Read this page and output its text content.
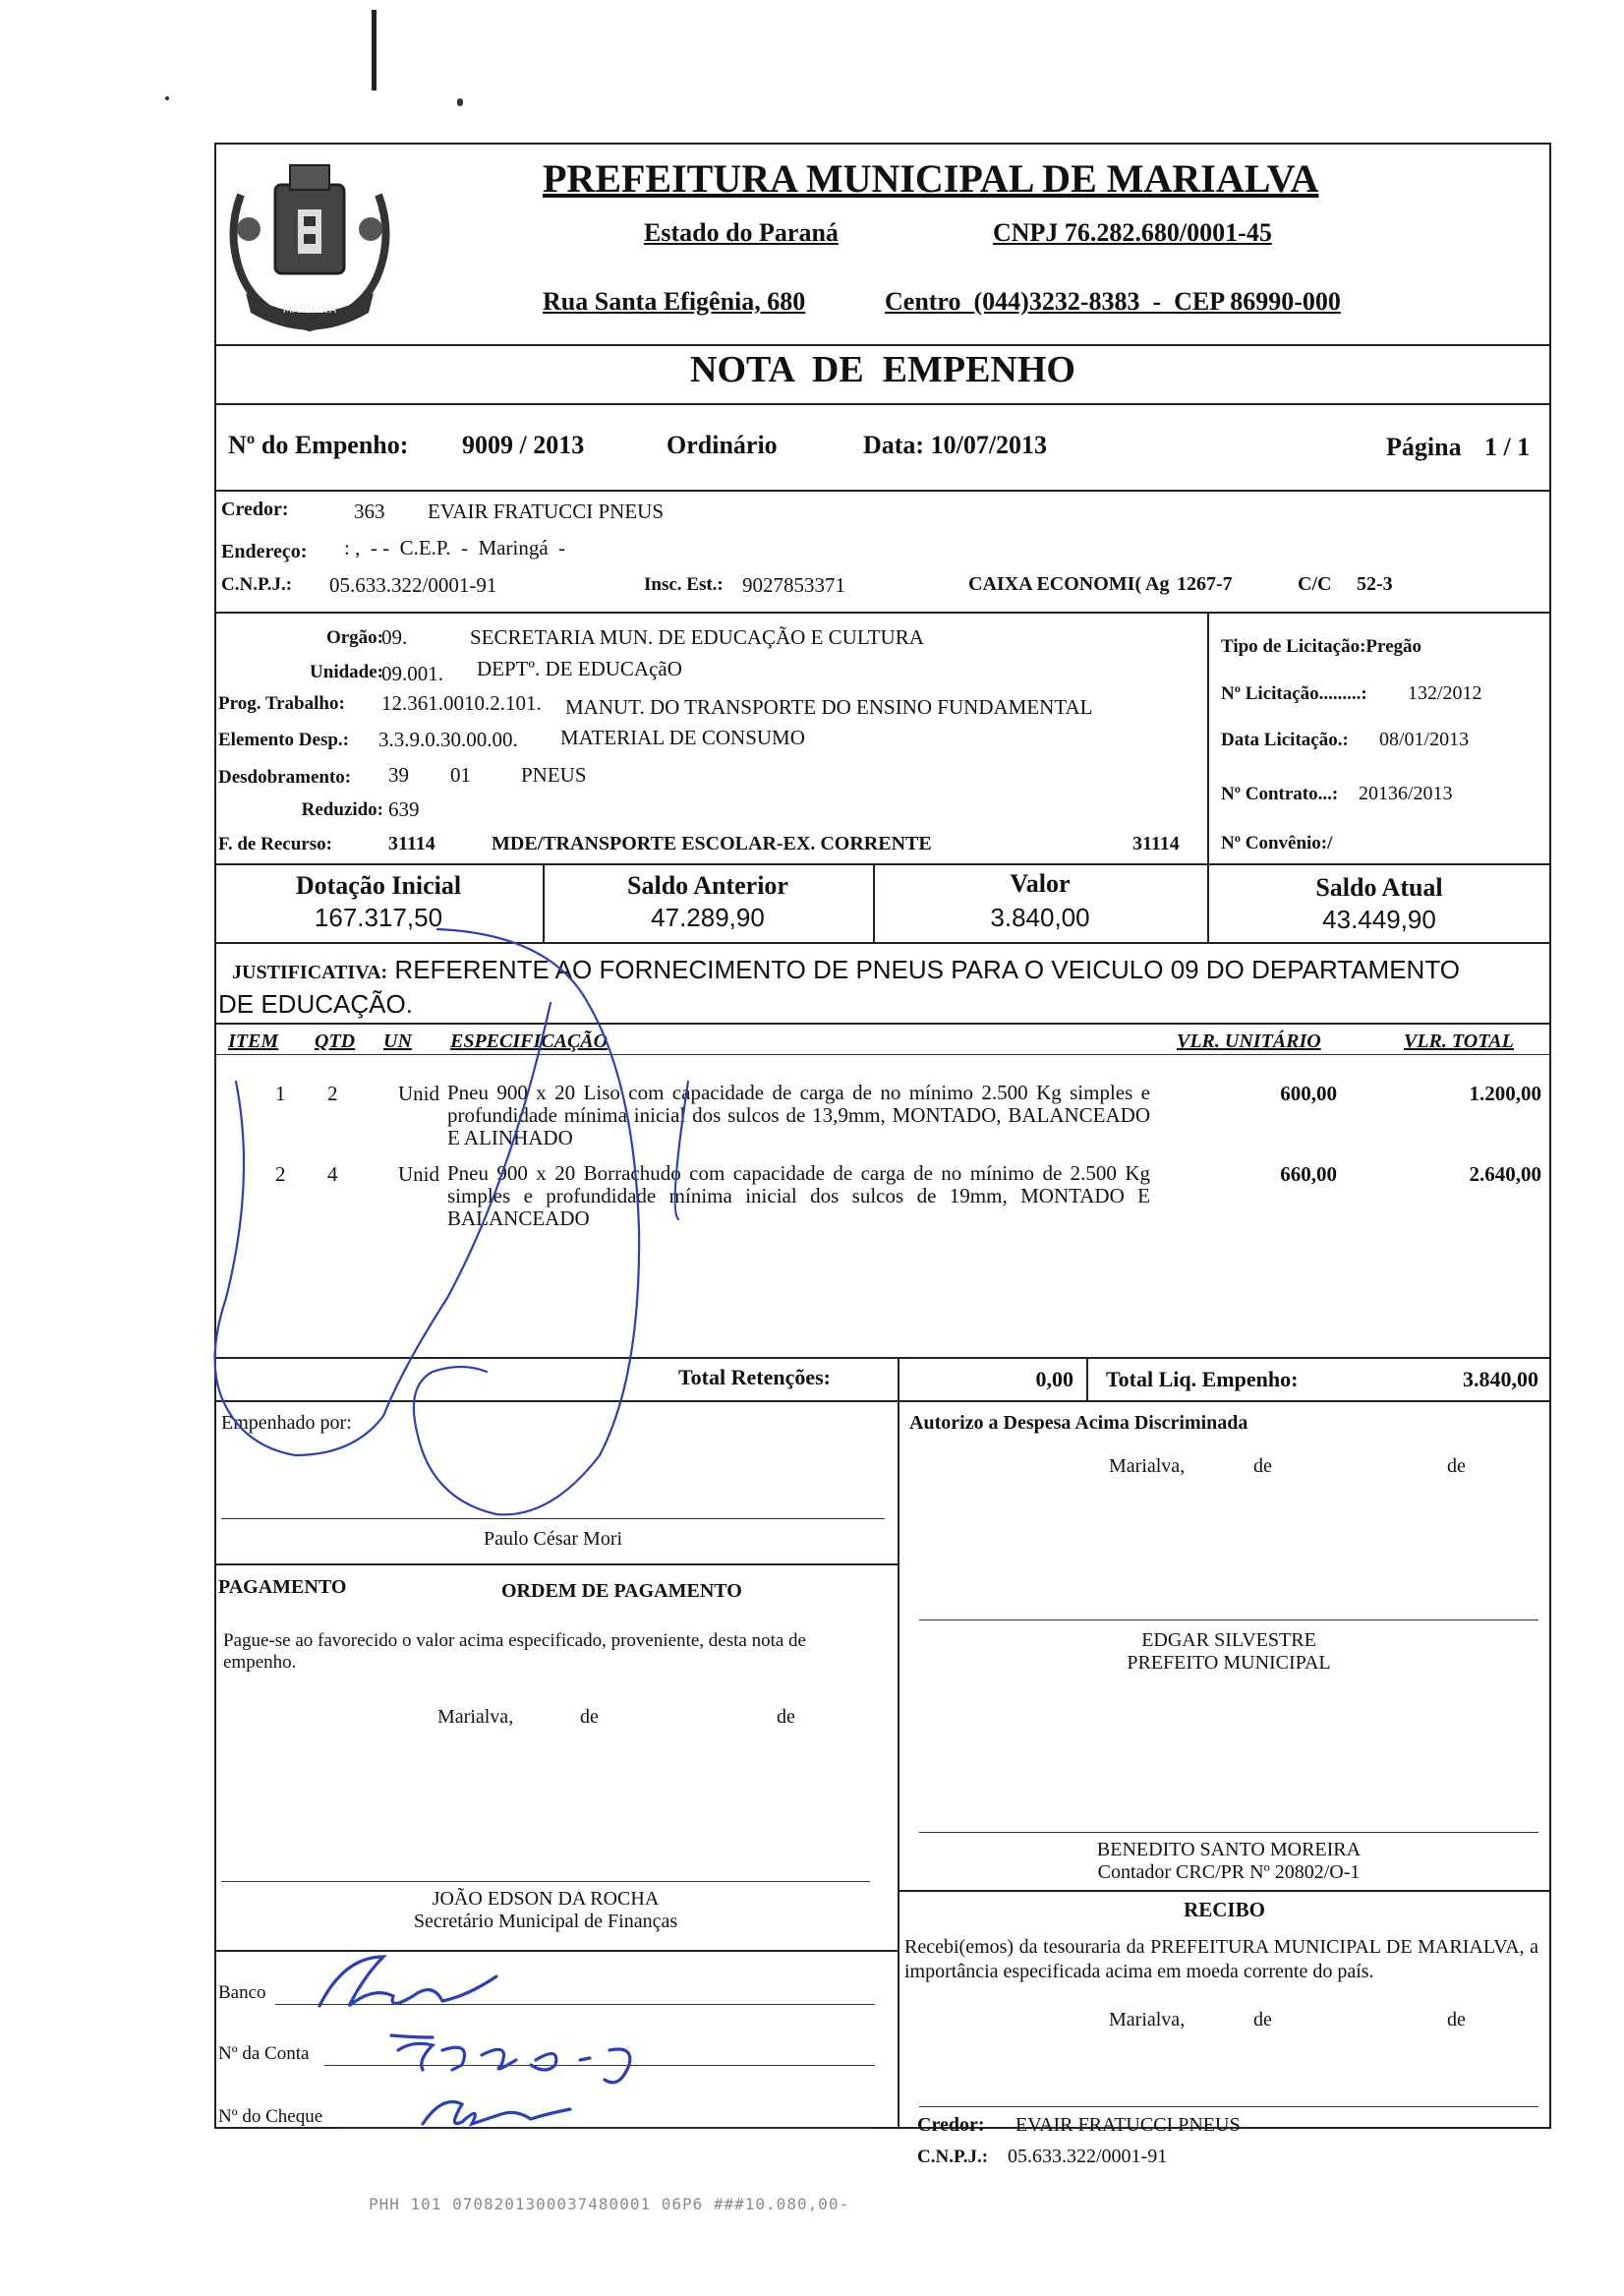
MARIALVA
PREFEITURA MUNICIPAL DE MARIALVA
Estado do Paraná	CNPJ 76.282.680/0001-45
Rua Santa Efigênia, 680	Centro  (044)3232-8383  -  CEP 86990-000
NOTA  DE  EMPENHO
Nº do Empenho: 9009 / 2013	Ordinário	Data: 10/07/2013	Página 1 / 1
Credor:	363 EVAIR FRATUCCI PNEUS
Endereço: : ,  - -  C.E.P.  -  Maringá  -
C.N.P.J.: 05.633.322/0001-91	Insc. Est.: 9027853371	CAIXA ECONOMI( Ag 1267-7	C/C 52-3
Orgão:
09.	SECRETARIA MUN. DE EDUCAÇÃO E CULTURA
Unidade:
09.001. DEPTº. DE EDUCAçãO
Prog. Trabalho: 12.361.0010.2.101. MANUT. DO TRANSPORTE DO ENSINO FUNDAMENTAL
Elemento Desp.: 3.3.9.0.30.00.00. MATERIAL DE CONSUMO
Desdobramento: 39 01 PNEUS
Reduzido: 639
F. de Recurso:	31114	MDE/TRANSPORTE ESCOLAR-EX. CORRENTE	31114
Tipo de Licitação:Pregão
Nº Licitação.........: 132/2012
Data Licitação.: 08/01/2013
Nº Contrato...: 20136/2013
Nº Convênio:/
Dotação Inicial
167.317,50
Saldo Anterior
47.289,90
Valor
3.840,00
Saldo Atual
43.449,90
JUSTIFICATIVA: REFERENTE AO FORNECIMENTO DE PNEUS PARA O VEICULO 09 DO DEPARTAMENTO
DE EDUCAÇÃO.
ITEM QTD UN ESPECIFICAÇÃO	VLR. UNITÁRIO	VLR. TOTAL
1 2	Unid Pneu 900 x 20 Liso com capacidade de carga de no mínimo 2.500 Kg simples e profundidade mínima inicial dos sulcos de 13,9mm, MONTADO, BALANCEADO E ALINHADO
600,00	1.200,00
2 4	Unid Pneu 900 x 20 Borrachudo com capacidade de carga de no mínimo de 2.500 Kg simples e profundidade mínima inicial dos sulcos de 19mm, MONTADO E BALANCEADO
660,00	2.640,00
Total Retenções:	0,00 Total Liq. Empenho:	3.840,00
Empenhado por:
Paulo César Mori
Autorizo a Despesa Acima Discriminada
Marialva,	de	de
PAGAMENTO	ORDEM DE PAGAMENTO
Pague-se ao favorecido o valor acima especificado, proveniente, desta nota de empenho.
Marialva,	de	de
EDGAR SILVESTRE
PREFEITO MUNICIPAL
BENEDITO SANTO MOREIRA
Contador CRC/PR Nº 20802/O-1
JOÃO EDSON DA ROCHA
Secretário Municipal de Finanças	RECIBO
Recebi(emos) da tesouraria da PREFEITURA MUNICIPAL DE MARIALVA, a importância especificada acima em moeda corrente do país.
Marialva,	de	de
Banco
Nº da Conta
Nº do Cheque	Credor: EVAIR FRATUCCI PNEUS
C.N.P.J.: 05.633.322/0001-91
PHH 101 0708201300037480001 06P6 ###10.080,00-
